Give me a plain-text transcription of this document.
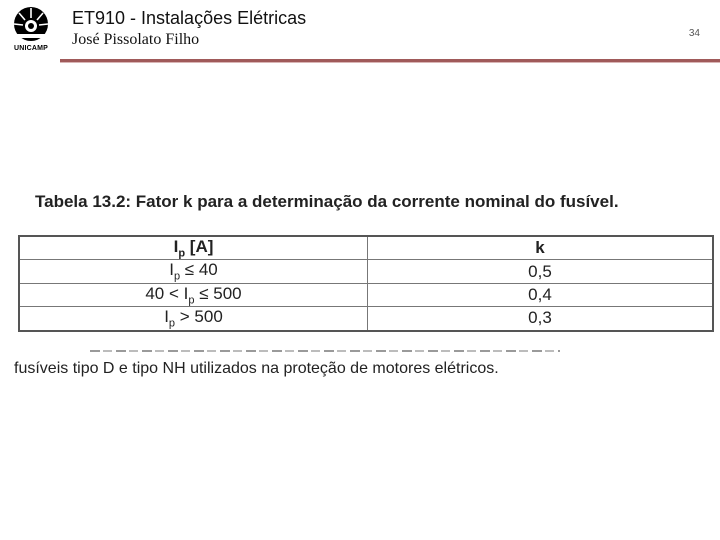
UNICAMP
ET910 - Instalações Elétricas
José Pissolato Filho	34
Tabela 13.2: Fator k para a determinação da corrente nominal do fusível.
$I_p$ [A]	k
$I_p \le 40$	0,5
$40 < I_p \le 500$	0,4
$I_p > 500$	0,3
fusíveis tipo D e tipo NH utilizados na proteção de motores elétricos.
